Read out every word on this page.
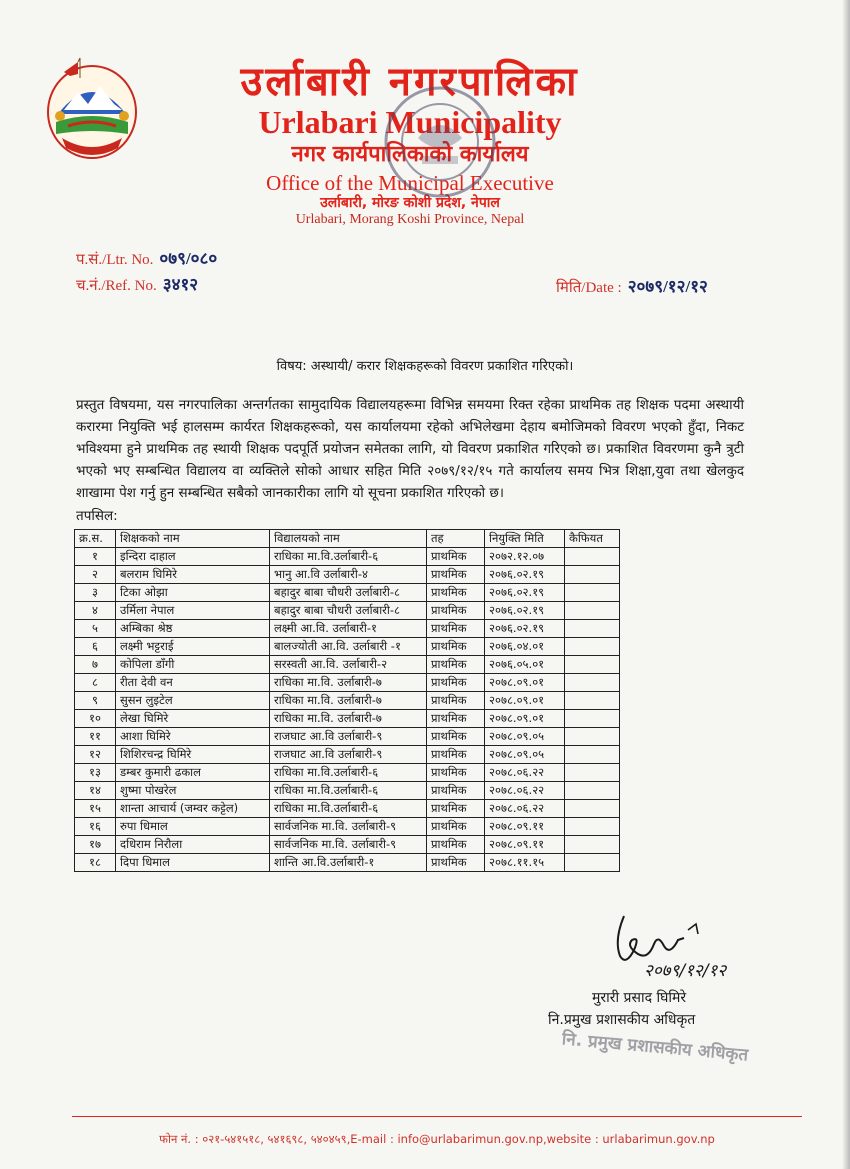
उर्लाबारी नगरपालिका
Urlabari Municipality
नगर कार्यपालिकाको कार्यालय
Office of the Municipal Executive
उर्लाबारी, मोरङ कोशी प्रदेश, नेपाल
Urlabari, Morang Koshi Province, Nepal
प.सं./Ltr. No. ०७९/०८०
च.नं./Ref. No. ३४१२	मिति/Date : २०७९/१२/१२
विषय: अस्थायी/ करार शिक्षकहरूको विवरण प्रकाशित गरिएको।
प्रस्तुत विषयमा, यस नगरपालिका अन्तर्गतका सामुदायिक विद्यालयहरूमा विभिन्न समयमा रिक्त रहेका प्राथमिक तह शिक्षक पदमा अस्थायी करारमा नियुक्ति भई हालसम्म कार्यरत शिक्षकहरूको, यस कार्यालयमा रहेको अभिलेखमा देहाय बमोजिमको विवरण भएको हुँदा, निकट भविश्यमा हुने प्राथमिक तह स्थायी शिक्षक पदपूर्ति प्रयोजन समेतका लागि, यो विवरण प्रकाशित गरिएको छ। प्रकाशित विवरणमा कुनै त्रुटी भएको भए सम्बन्धित विद्यालय वा व्यक्तिले सोको आधार सहित मिति २०७९/१२/१५ गते कार्यालय समय भित्र शिक्षा,युवा तथा खेलकुद शाखामा पेश गर्नु हुन सम्बन्धित सबैको जानकारीका लागि यो सूचना प्रकाशित गरिएको छ।
तपसिल:
क्र.स.	शिक्षकको नाम	विद्यालयको नाम	तह	नियुक्ति मिति	कैफियत
१	इन्दिरा दाहाल	राधिका मा.वि.उर्लाबारी-६	प्राथमिक	२०७२.१२.०७	
२	बलराम घिमिरे	भानु आ.वि उर्लाबारी-४	प्राथमिक	२०७६.०२.१९	
३	टिका ओझा	बहादुर बाबा चौधरी उर्लाबारी-८	प्राथमिक	२०७६.०२.१९	
४	उर्मिला नेपाल	बहादुर बाबा चौधरी उर्लाबारी-८	प्राथमिक	२०७६.०२.१९	
५	अम्बिका श्रेष्ठ	लक्ष्मी आ.वि. उर्लाबारी-१	प्राथमिक	२०७६.०२.१९	
६	लक्ष्मी भट्टराई	बालज्योती आ.वि. उर्लाबारी -१	प्राथमिक	२०७६.०४.०१	
७	कोपिला डाँगी	सरस्वती आ.वि. उर्लाबारी-२	प्राथमिक	२०७६.०५.०१	
८	रीता देवी वन	राधिका मा.वि. उर्लाबारी-७	प्राथमिक	२०७८.०९.०१	
९	सुसन लुइटेल	राधिका मा.वि. उर्लाबारी-७	प्राथमिक	२०७८.०९.०१	
१०	लेखा घिमिरे	राधिका मा.वि. उर्लाबारी-७	प्राथमिक	२०७८.०९.०१	
११	आशा घिमिरे	राजघाट आ.वि उर्लाबारी-९	प्राथमिक	२०७८.०९.०५	
१२	शिशिरचन्द्र घिमिरे	राजघाट आ.वि उर्लाबारी-९	प्राथमिक	२०७८.०९.०५	
१३	डम्बर कुमारी ढकाल	राधिका मा.वि.उर्लाबारी-६	प्राथमिक	२०७८.०६.२२	
१४	शुष्मा पोखरेल	राधिका मा.वि.उर्लाबारी-६	प्राथमिक	२०७८.०६.२२	
१५	शान्ता आचार्य (जम्वर कट्टेल)	राधिका मा.वि.उर्लाबारी-६	प्राथमिक	२०७८.०६.२२	
१६	रुपा धिमाल	सार्वजनिक मा.वि. उर्लाबारी-९	प्राथमिक	२०७८.०९.११	
१७	दधिराम निरौला	सार्वजनिक मा.वि. उर्लाबारी-९	प्राथमिक	२०७८.०९.११	
१८	दिपा धिमाल	शान्ति आ.वि.उर्लाबारी-१	प्राथमिक	२०७८.११.१५	
२०७९/१२/१२
मुरारी प्रसाद घिमिरे
नि. प्रमुख प्रशासकीय अधिकृत
नि.प्रमुख प्रशासकीय अधिकृत
फोन नं. : ०२१-५४१५१८, ५४१६९८, ५४०४५९,E-mail : info@urlabarimun.gov.np,website : urlabarimun.gov.np
